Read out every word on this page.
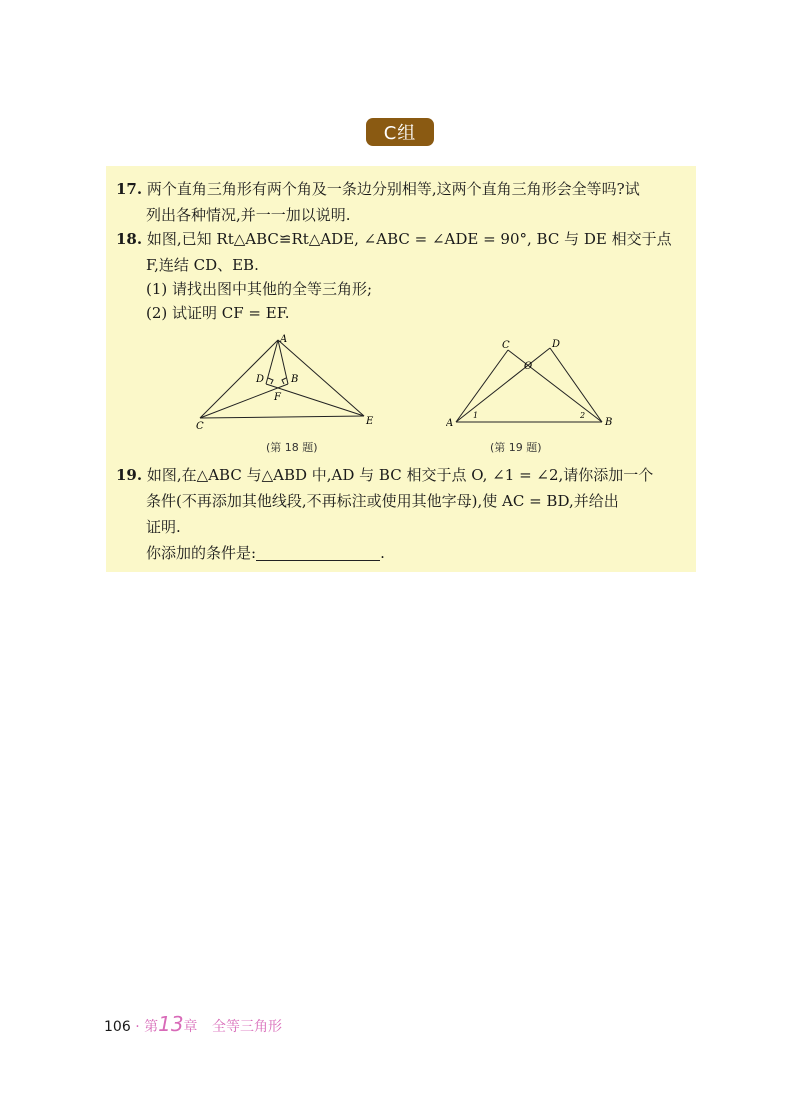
C组
17. 两个直角三角形有两个角及一条边分别相等,这两个直角三角形会全等吗?试
列出各种情况,并一一加以说明.
18. 如图,已知 Rt△ABC≌Rt△ADE, ∠ABC = ∠ADE = 90°, BC 与 DE 相交于点
F,连结 CD、EB.
(1) 请找出图中其他的全等三角形;
(2) 试证明 CF = EF.
A
D	B
F
C	E
(第 18 题)
C	D
O
A	B
1	2
(第 19 题)
19. 如图,在△ABC 与△ABD 中,AD 与 BC 相交于点 O, ∠1 = ∠2,请你添加一个
条件(不再添加其他线段,不再标注或使用其他字母),使 AC = BD,并给出
证明.
你添加的条件是:	.
106 · 第13章 全等三角形
